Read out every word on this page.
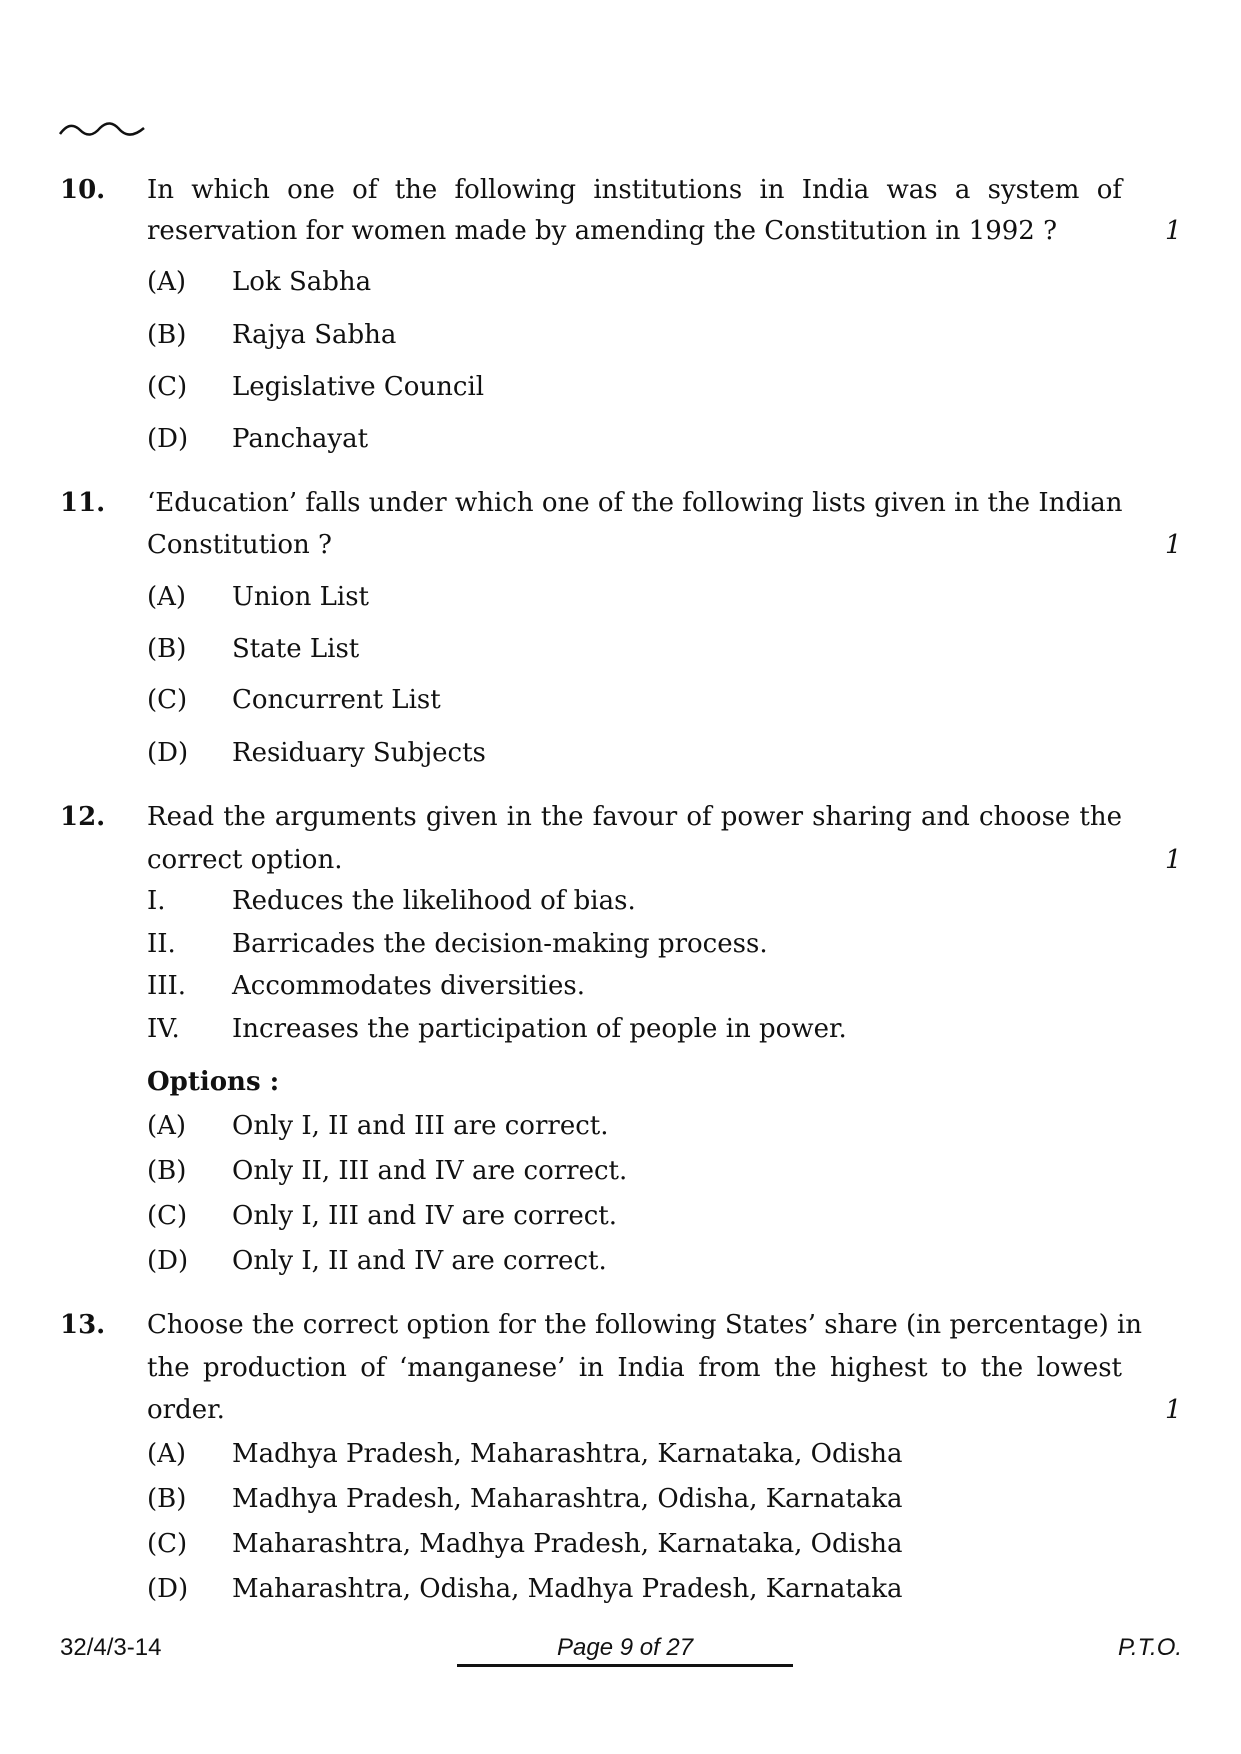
10. In which one of the following institutions in India was a system of
reservation for women made by amending the Constitution in 1992 ?	1
(A) Lok Sabha
(B) Rajya Sabha
(C) Legislative Council
(D) Panchayat
11. ‘Education’ falls under which one of the following lists given in the Indian
Constitution ?	1
(A) Union List
(B) State List
(C) Concurrent List
(D) Residuary Subjects
12. Read the arguments given in the favour of power sharing and choose the
correct option.	1
I.	Reduces the likelihood of bias.
II. Barricades the decision-making process.
III. Accommodates diversities.
IV. Increases the participation of people in power.
Options :
(A) Only I, II and III are correct.
(B) Only II, III and IV are correct.
(C) Only I, III and IV are correct.
(D) Only I, II and IV are correct.
13. Choose the correct option for the following States’ share (in percentage) in
the production of ‘manganese’ in India from the highest to the lowest
order.	1
(A) Madhya Pradesh, Maharashtra, Karnataka, Odisha
(B) Madhya Pradesh, Maharashtra, Odisha, Karnataka
(C) Maharashtra, Madhya Pradesh, Karnataka, Odisha
(D) Maharashtra, Odisha, Madhya Pradesh, Karnataka
32/4/3-14	Page 9 of 27	P.T.O.
